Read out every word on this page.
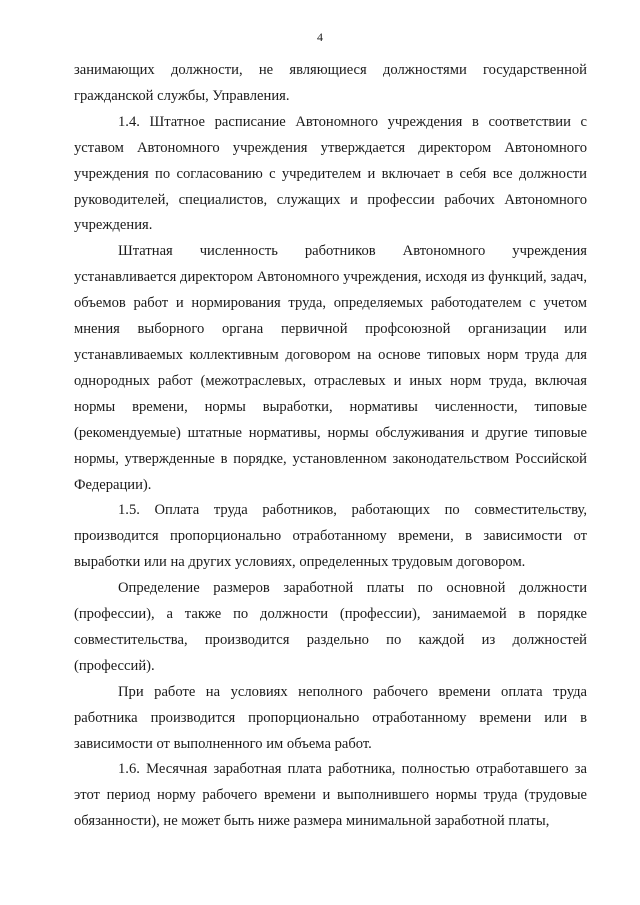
4

занимающих должности, не являющиеся должностями государственной гражданской службы, Управления.

1.4. Штатное расписание Автономного учреждения в соответствии с уставом Автономного учреждения утверждается директором Автономного учреждения по согласованию с учредителем и включает в себя все должности руководителей, специалистов, служащих и профессии рабочих Автономного учреждения.

Штатная численность работников Автономного учреждения устанавливается директором Автономного учреждения, исходя из функций, задач, объемов работ и нормирования труда, определяемых работодателем с учетом мнения выборного органа первичной профсоюзной организации или устанавливаемых коллективным договором на основе типовых норм труда для однородных работ (межотраслевых, отраслевых и иных норм труда, включая нормы времени, нормы выработки, нормативы численности, типовые (рекомендуемые) штатные нормативы, нормы обслуживания и другие типовые нормы, утвержденные в порядке, установленном законодательством Российской Федерации).

1.5. Оплата труда работников, работающих по совместительству, производится пропорционально отработанному времени, в зависимости от выработки или на других условиях, определенных трудовым договором.

Определение размеров заработной платы по основной должности (профессии), а также по должности (профессии), занимаемой в порядке совместительства, производится раздельно по каждой из должностей (профессий).

При работе на условиях неполного рабочего времени оплата труда работника производится пропорционально отработанному времени или в зависимости от выполненного им объема работ.

1.6. Месячная заработная плата работника, полностью отработавшего за этот период норму рабочего времени и выполнившего нормы труда (трудовые обязанности), не может быть ниже размера минимальной заработной платы,
